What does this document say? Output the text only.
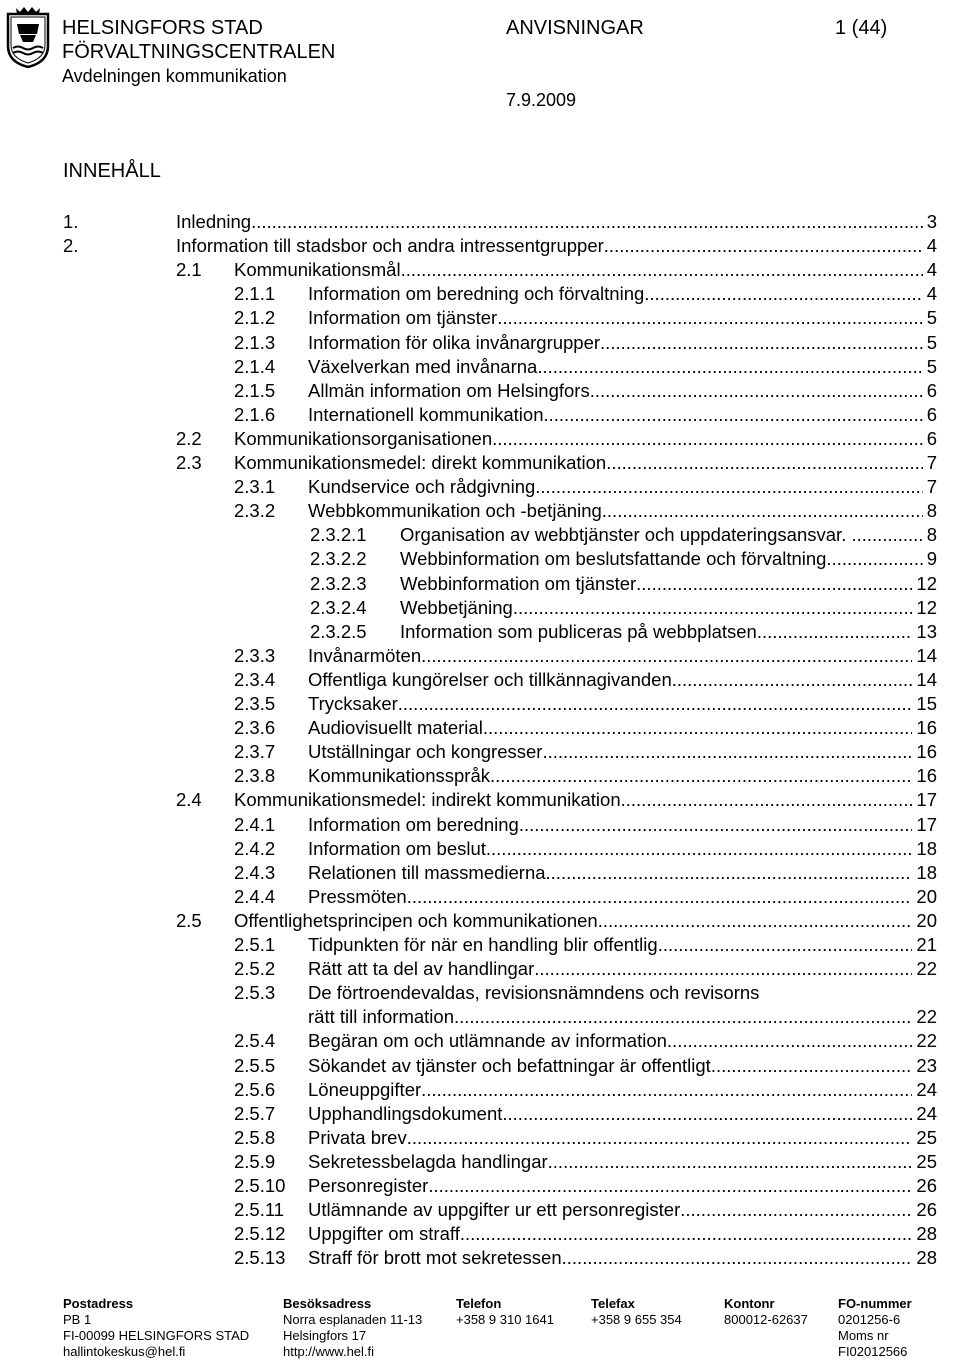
HELSINGFORS STAD
FÖRVALTNINGSCENTRALEN
Avdelningen kommunikation
ANVISNINGAR	1 (44)
7.9.2009
INNEHÅLL
1.	Inledning .....	3
2.	Information till stadsbor och andra intressentgrupper .....	4
2.1 Kommunikationsmål .....	4
2.1.1 Information om beredning och förvaltning. .....	4
2.1.2 Information om tjänster .....	5
2.1.3 Information för olika invånargrupper .....	5
2.1.4 Växelverkan med invånarna .....	5
2.1.5 Allmän information om Helsingfors .....	6
2.1.6 Internationell kommunikation .....	6
2.2 Kommunikationsorganisationen .....	6
2.3 Kommunikationsmedel: direkt kommunikation .....	7
2.3.1 Kundservice och rådgivning .....	7
2.3.2 Webbkommunikation och -betjäning .....	8
2.3.2.1 Organisation av webbtjänster och uppdateringsansvar. .. .....	8
2.3.2.2 Webbinformation om beslutsfattande och förvaltning...... .....	9
2.3.2.3 Webbinformation om tjänster .....	12
2.3.2.4 Webbetjäning .....	12
2.3.2.5 Information som publiceras på webbplatsen .....	13
2.3.3 Invånarmöten .....	14
2.3.4 Offentliga kungörelser och tillkännagivanden .....	14
2.3.5 Trycksaker .....	15
2.3.6 Audiovisuellt material .....	16
2.3.7 Utställningar och kongresser .....	16
2.3.8 Kommunikationsspråk.. .....	16
2.4 Kommunikationsmedel: indirekt kommunikation .....	17
2.4.1 Information om beredning .....	17
2.4.2 Information om beslut. .....	18
2.4.3 Relationen till massmedierna .....	18
2.4.4 Pressmöten .....	20
2.5 Offentlighetsprincipen och kommunikationen .....	20
2.5.1 Tidpunkten för när en handling blir offentlig .....	21
2.5.2 Rätt att ta del av handlingar .....	22
2.5.3 De förtroendevaldas, revisionsnämndens och revisorns
rätt till information .....	22
2.5.4 Begäran om och utlämnande av information .....	22
2.5.5 Sökandet av tjänster och befattningar är offentligt .....	23
2.5.6 Löneuppgifter .....	24
2.5.7 Upphandlingsdokument .....	24
2.5.8 Privata brev .....	25
2.5.9 Sekretessbelagda handlingar .....	25
2.5.10 Personregister .....	26
2.5.11 Utlämnande av uppgifter ur ett personregister .....	26
2.5.12 Uppgifter om straff .....	28
2.5.13 Straff för brott mot sekretessen .....	28
Postadress
PB 1
FI-00099 HELSINGFORS STAD
hallintokeskus@hel.fi
Besöksadress
Norra esplanaden 11-13
Helsingfors 17
http://www.hel.fi
Telefon
+358 9 310 1641
Telefax
+358 9 655 354
Kontonr
800012-62637
FO-nummer
0201256-6
Moms nr
FI02012566
